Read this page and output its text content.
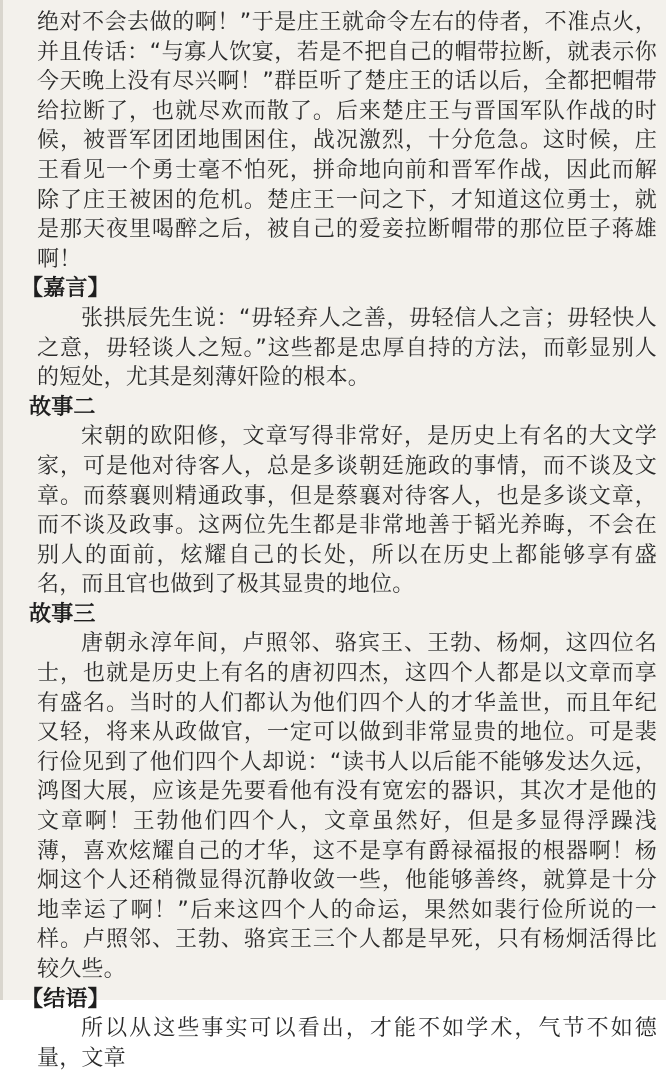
绝对不会去做的啊！”于是庄王就命令左右的侍者，不准点火，并且传话：“与寡人饮宴，若是不把自己的帽带拉断，就表示你今天晚上没有尽兴啊！”群臣听了楚庄王的话以后，全都把帽带给拉断了，也就尽欢而散了。后来楚庄王与晋国军队作战的时候，被晋军团团地围困住，战况激烈，十分危急。这时候，庄王看见一个勇士毫不怕死，拼命地向前和晋军作战，因此而解除了庄王被困的危机。楚庄王一问之下，才知道这位勇士，就是那天夜里喝醉之后，被自己的爱妾拉断帽带的那位臣子蒋雄啊！

【嘉言】

张拱辰先生说：“毋轻弃人之善，毋轻信人之言；毋轻快人之意，毋轻谈人之短。”这些都是忠厚自持的方法，而彰显别人的短处，尤其是刻薄奸险的根本。

故事二

宋朝的欧阳修，文章写得非常好，是历史上有名的大文学家，可是他对待客人，总是多谈朝廷施政的事情，而不谈及文章。而蔡襄则精通政事，但是蔡襄对待客人，也是多谈文章，而不谈及政事。这两位先生都是非常地善于韬光养晦，不会在别人的面前，炫耀自己的长处，所以在历史上都能够享有盛名，而且官也做到了极其显贵的地位。

故事三

唐朝永淳年间，卢照邻、骆宾王、王勃、杨炯，这四位名士，也就是历史上有名的唐初四杰，这四个人都是以文章而享有盛名。当时的人们都认为他们四个人的才华盖世，而且年纪又轻，将来从政做官，一定可以做到非常显贵的地位。可是裴行俭见到了他们四个人却说：“读书人以后能不能够发达久远，鸿图大展，应该是先要看他有没有宽宏的器识，其次才是他的文章啊！王勃他们四个人，文章虽然好，但是多显得浮躁浅薄，喜欢炫耀自己的才华，这不是享有爵禄福报的根器啊！杨炯这个人还稍微显得沉静收敛一些，他能够善终，就算是十分地幸运了啊！”后来这四个人的命运，果然如裴行俭所说的一样。卢照邻、王勃、骆宾王三个人都是早死，只有杨炯活得比较久些。

【结语】

所以从这些事实可以看出，才能不如学术，气节不如德量，文章
